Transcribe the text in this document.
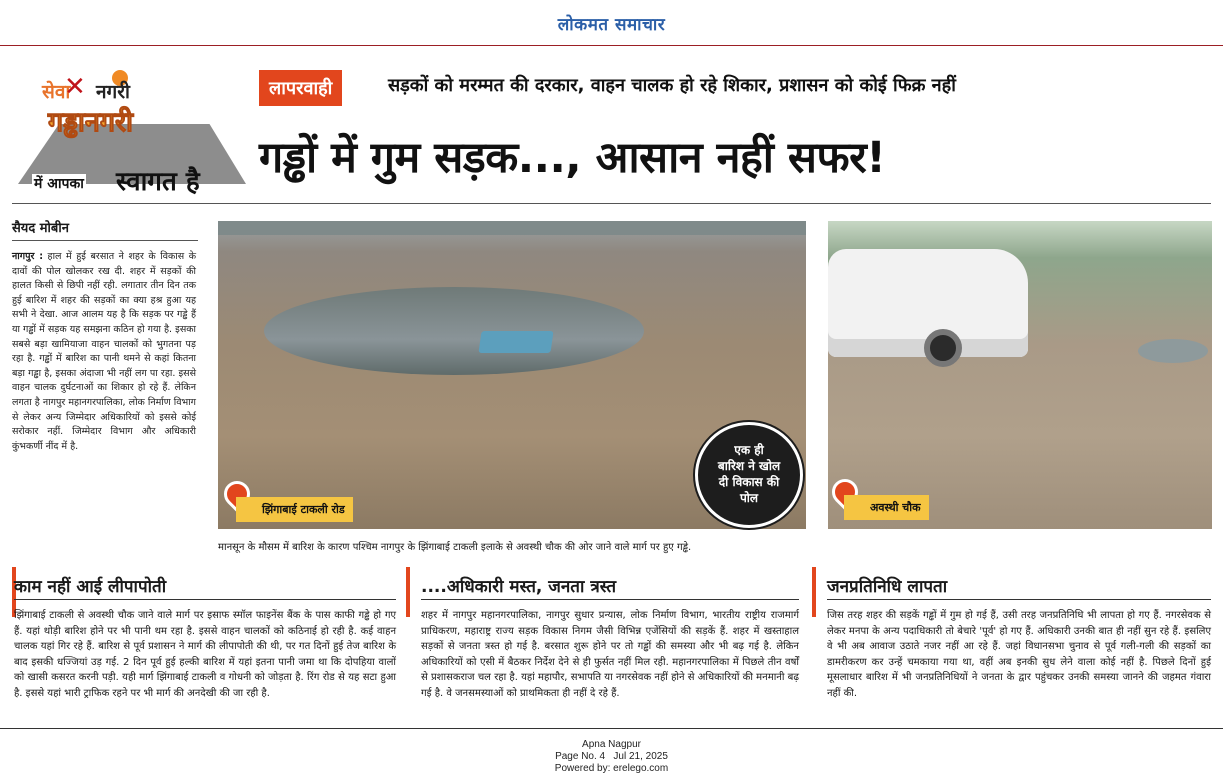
लोकमत समाचार
सेवा
✕ नगरी
गड्ढानगरी
स्वागत है
में आपका
लापरवाही	सड़कों को मरम्मत की दरकार, वाहन चालक हो रहे शिकार, प्रशासन को कोई फिक्र नहीं
गड्ढों में गुम सड़क..., आसान नहीं सफर!
सैयद मोबीन

नागपुर : हाल में हुई बरसात ने शहर के विकास के दावों की पोल खोलकर रख दी. शहर में सड़कों की हालत किसी से छिपी नहीं रही. लगातार तीन दिन तक हुई बारिश में शहर की सड़कों का क्या हश्र हुआ यह सभी ने देखा. आज आलम यह है कि सड़क पर गड्ढे हैं या गड्ढों में सड़क यह समझना कठिन हो गया है. इसका सबसे बड़ा खामियाजा वाहन चालकों को भुगतना पड़ रहा है. गड्ढों में बारिश का पानी थमने से कहां कितना बड़ा गड्ढा है, इसका अंदाजा भी नहीं लग पा रहा. इससे वाहन चालक दुर्घटनाओं का शिकार हो रहे हैं. लेकिन लगता है नागपुर महानगरपालिका, लोक निर्माण विभाग से लेकर अन्य जिम्मेदार अधिकारियों को इससे कोई सरोकार नहीं. जिम्मेदार विभाग और अधिकारी कुंभकर्णी नींद में है.

झिंगाबाई टाकली रोड
एक ही
बारिश ने खोल
दी विकास की
पोल
अवस्थी चौक
मानसून के मौसम में बारिश के कारण पश्चिम नागपुर के झिंगाबाई टाकली इलाके से अवस्थी चौक की ओर जाने वाले मार्ग पर हुए गड्ढे.
काम नहीं आई लीपापोती

झिंगाबाई टाकली से अवस्थी चौक जाने वाले मार्ग पर इसाफ स्मॉल फाइनेंस बैंक के पास काफी गड्ढे हो गए हैं. यहां थोड़ी बारिश होने पर भी पानी थम रहा है. इससे वाहन चालकों को कठिनाई हो रही है. कई वाहन चालक यहां गिर रहे हैं. बारिश से पूर्व प्रशासन ने मार्ग की लीपापोती की थी, पर गत दिनों हुई तेज बारिश के बाद इसकी धज्जियां उड़ गई. 2 दिन पूर्व हुई हल्की बारिश में यहां इतना पानी जमा था कि दोपहिया वालों को खासी कसरत करनी पड़ी. यही मार्ग झिंगाबाई टाकली व गोधनी को जोड़ता है. रिंग रोड से यह सटा हुआ है. इससे यहां भारी ट्राफिक रहने पर भी मार्ग की अनदेखी की जा रही है.

....अधिकारी मस्त, जनता त्रस्त

शहर में नागपुर महानगरपालिका, नागपुर सुधार प्रन्यास, लोक निर्माण विभाग, भारतीय राष्ट्रीय राजमार्ग प्राधिकरण, महाराष्ट्र राज्य सड़क विकास निगम जैसी विभिन्न एजेंसियों की सड़कें हैं. शहर में खस्ताहाल सड़कों से जनता त्रस्त हो गई है. बरसात शुरू होने पर तो गड्ढों की समस्या और भी बढ़ गई है. लेकिन अधिकारियों को एसी में बैठकर निर्देश देने से ही फुर्सत नहीं मिल रही. महानगरपालिका में पिछले तीन वर्षों से प्रशासकराज चल रहा है. यहां महापौर, सभापति या नगरसेवक नहीं होने से अधिकारियों की मनमानी बढ़ गई है. वे जनसमस्याओं को प्राथमिकता ही नहीं दे रहे हैं.

जनप्रतिनिधि लापता

जिस तरह शहर की सड़कें गड्ढों में गुम हो गई हैं, उसी तरह जनप्रतिनिधि भी लापता हो गए हैं. नगरसेवक से लेकर मनपा के अन्य पदाधिकारी तो बेचारे 'पूर्व' हो गए हैं. अधिकारी उनकी बात ही नहीं सुन रहे हैं. इसलिए वे भी अब आवाज उठाते नजर नहीं आ रहे हैं. जहां विधानसभा चुनाव से पूर्व गली-गली की सड़कों का डामरीकरण कर उन्हें चमकाया गया था, वहीं अब इनकी सुध लेने वाला कोई नहीं है. पिछले दिनों हुई मूसलाधार बारिश में भी जनप्रतिनिधियों ने जनता के द्वार पहुंचकर उनकी समस्या जानने की जहमत गंवारा नहीं की.

Apna Nagpur
Page No. 4   Jul 21, 2025
Powered by: erelego.com
